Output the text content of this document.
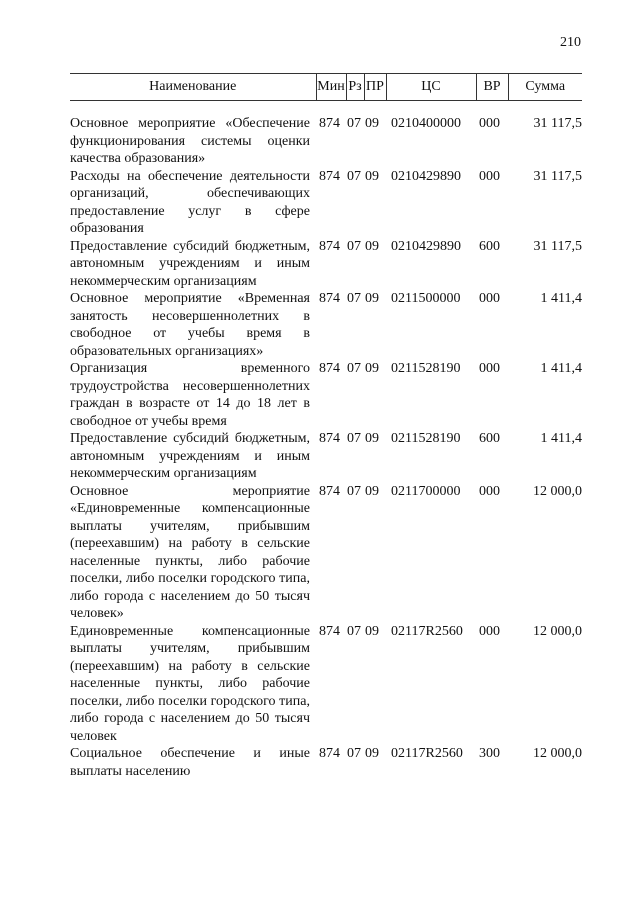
210
Наименование	Мин	Рз	ПР	ЦС	ВР	Сумма

Основное мероприятие «Обеспечение функционирования системы оценки качества образования»	874	07	09	0210400000	000	31 117,5
Расходы на обеспечение деятельности организаций, обеспечивающих предоставление услуг в сфере образования	874	07	09	0210429890	000	31 117,5
Предоставление субсидий бюджетным, автономным учреждениям и иным некоммерческим организациям	874	07	09	0210429890	600	31 117,5
Основное мероприятие «Временная занятость несовершеннолетних в свободное от учебы время в образовательных организациях»	874	07	09	0211500000	000	1 411,4
Организация временного трудоустройства несовершеннолетних граждан в возрасте от 14 до 18 лет в свободное от учебы время	874	07	09	0211528190	000	1 411,4
Предоставление субсидий бюджетным, автономным учреждениям и иным некоммерческим организациям	874	07	09	0211528190	600	1 411,4
Основное мероприятие «Единовременные компенсационные выплаты учителям, прибывшим (переехавшим) на работу в сельские населенные пункты, либо рабочие поселки, либо поселки городского типа, либо города с населением до 50 тысяч человек»	874	07	09	0211700000	000	12 000,0
Единовременные компенсационные выплаты учителям, прибывшим (переехавшим) на работу в сельские населенные пункты, либо рабочие поселки, либо поселки городского типа, либо города с населением до 50 тысяч человек	874	07	09	02117R2560	000	12 000,0
Социальное обеспечение и иные выплаты населению	874	07	09	02117R2560	300	12 000,0
